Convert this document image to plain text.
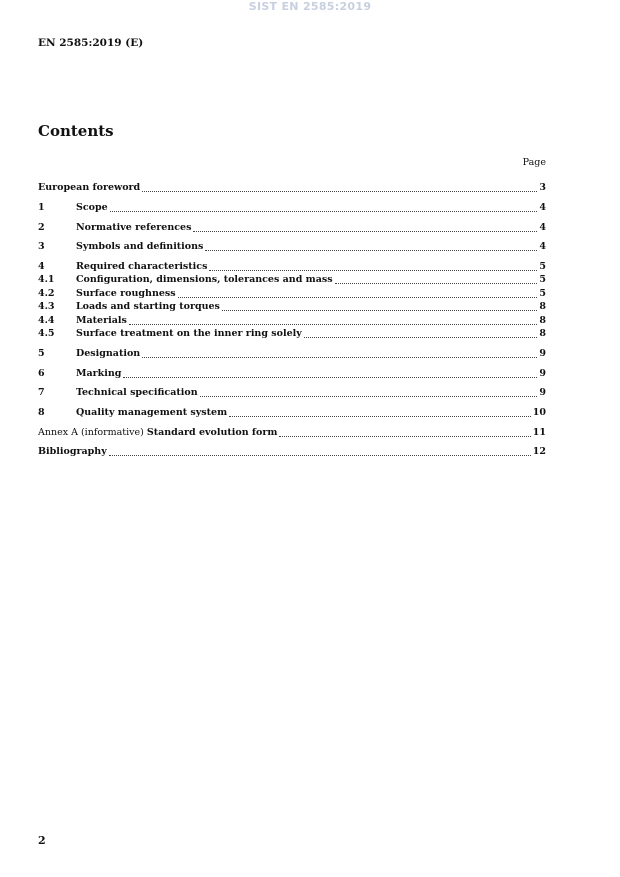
SIST EN 2585:2019
EN 2585:2019 (E)
Contents
Page
European foreword	3
1	Scope	4
2	Normative references	4
3	Symbols and definitions	4
4	Required characteristics	5
4.1	Configuration, dimensions, tolerances and mass	5
4.2	Surface roughness	5
4.3	Loads and starting torques	8
4.4	Materials	8
4.5	Surface treatment on the inner ring solely	8
5	Designation	9
6	Marking	9
7	Technical specification	9
8	Quality management system	10
Annex A (informative) Standard evolution form	11
Bibliography	12
2
